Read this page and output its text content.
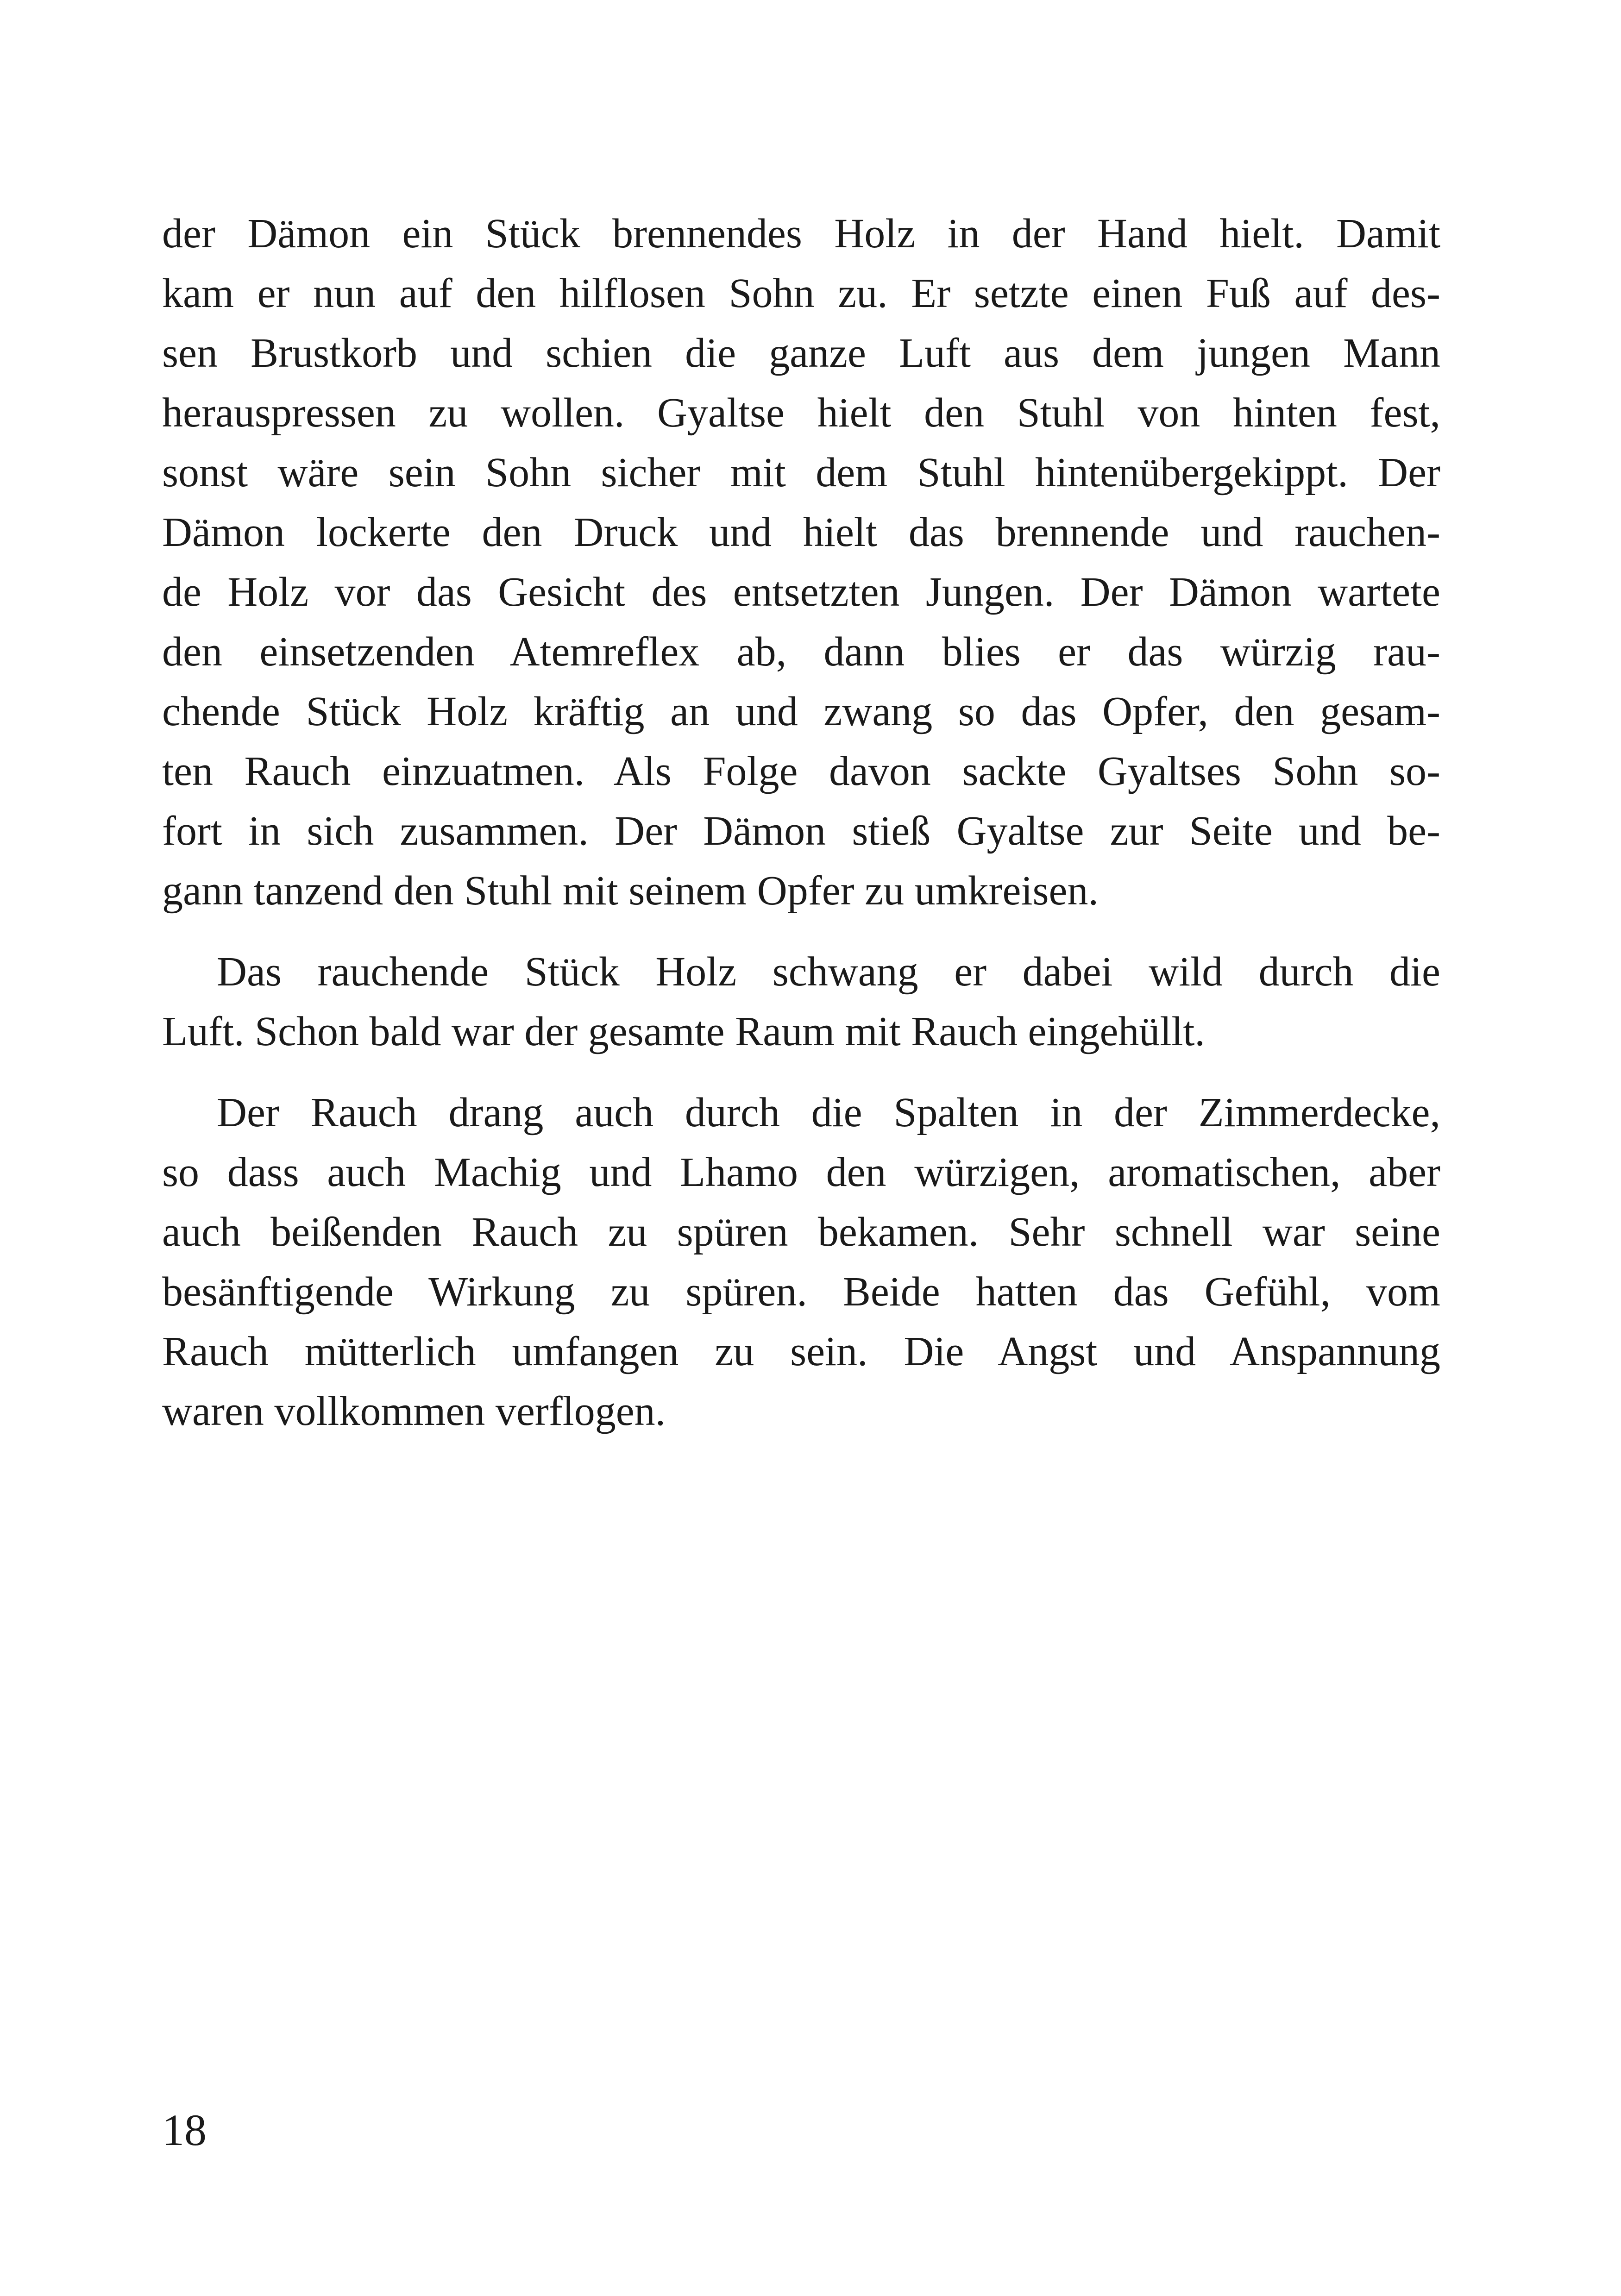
der Dämon ein Stück brennendes Holz in der Hand hielt. Damit
kam er nun auf den hilflosen Sohn zu. Er setzte einen Fuß auf des-
sen Brustkorb und schien die ganze Luft aus dem jungen Mann
herauspressen zu wollen. Gyaltse hielt den Stuhl von hinten fest,
sonst wäre sein Sohn sicher mit dem Stuhl hintenübergekippt. Der
Dämon lockerte den Druck und hielt das brennende und rauchen-
de Holz vor das Gesicht des entsetzten Jungen. Der Dämon wartete
den einsetzenden Atemreflex ab, dann blies er das würzig rau-
chende Stück Holz kräftig an und zwang so das Opfer, den gesam-
ten Rauch einzuatmen. Als Folge davon sackte Gyaltses Sohn so-
fort in sich zusammen. Der Dämon stieß Gyaltse zur Seite und be-
gann tanzend den Stuhl mit seinem Opfer zu umkreisen.
Das rauchende Stück Holz schwang er dabei wild durch die
Luft. Schon bald war der gesamte Raum mit Rauch eingehüllt.
Der Rauch drang auch durch die Spalten in der Zimmerdecke,
so dass auch Machig und Lhamo den würzigen, aromatischen, aber
auch beißenden Rauch zu spüren bekamen. Sehr schnell war seine
besänftigende Wirkung zu spüren. Beide hatten das Gefühl, vom
Rauch mütterlich umfangen zu sein. Die Angst und Anspannung
waren vollkommen verflogen.
18
